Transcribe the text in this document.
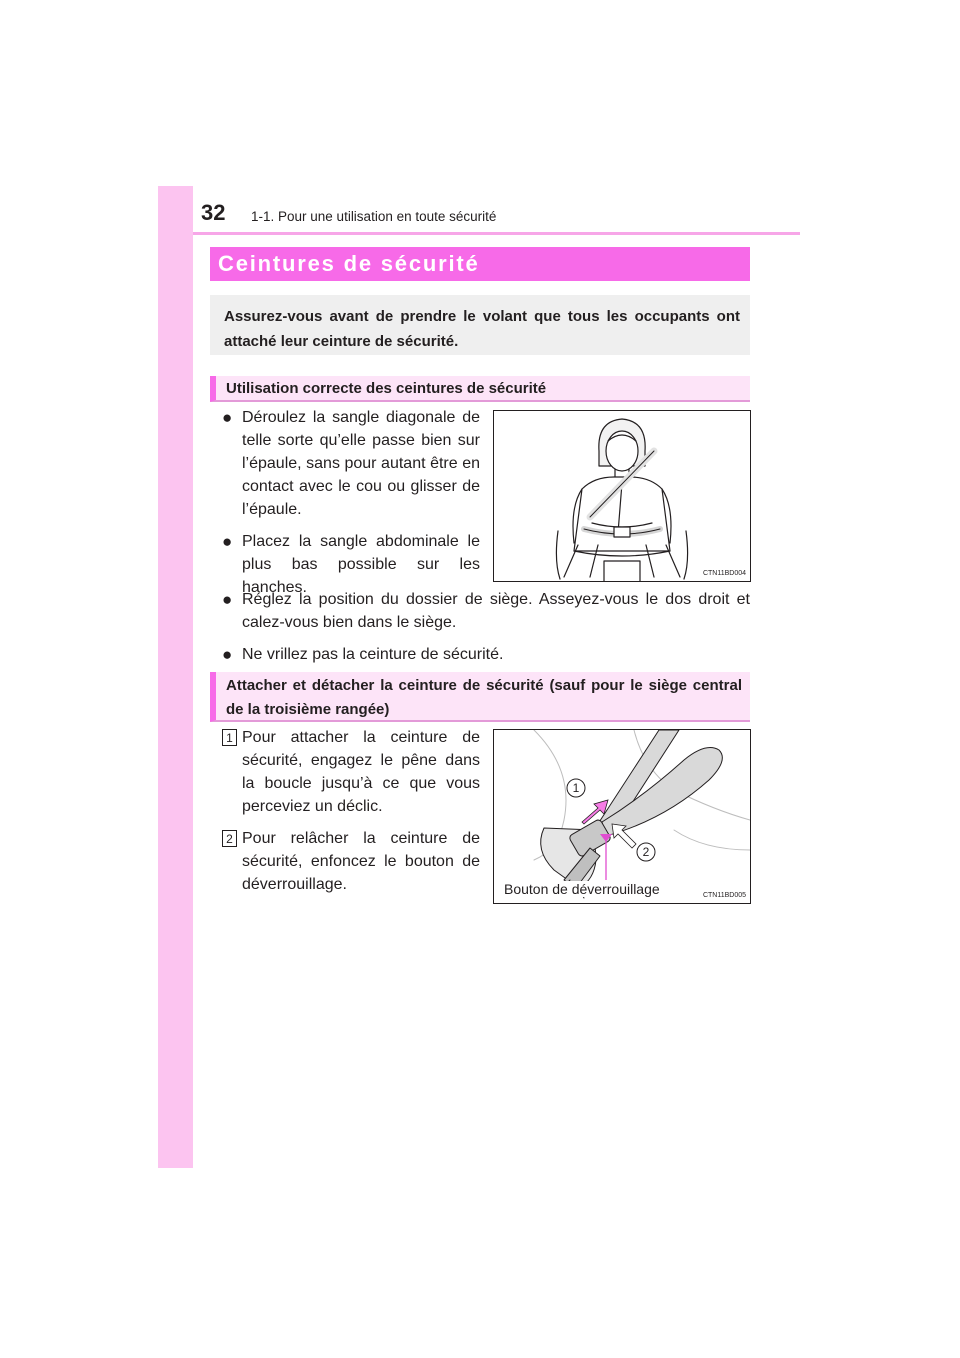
32 1-1. Pour une utilisation en toute sécurité
Ceintures de sécurité
Assurez-vous avant de prendre le volant que tous les occupants ont attaché leur ceinture de sécurité.
Utilisation correcte des ceintures de sécurité
● Déroulez la sangle diagonale de telle sorte qu’elle passe bien sur l’épaule, sans pour autant être en contact avec le cou ou glisser de l’épaule.
● Placez la sangle abdominale le plus bas possible sur les hanches.
CTN11BD004
● Réglez la position du dossier de siège. Asseyez-vous le dos droit et calez-vous bien dans le siège.
● Ne vrillez pas la ceinture de sécurité.
Attacher et détacher la ceinture de sécurité (sauf pour le siège central de la troisième rangée)
1 Pour attacher la ceinture de sécurité, engagez le pêne dans la boucle jusqu’à ce que vous perceviez un déclic.
2 Pour relâcher la ceinture de sécurité, enfoncez le bouton de déverrouillage.
1
2
Bouton de déverrouillage	CTN11BD005
